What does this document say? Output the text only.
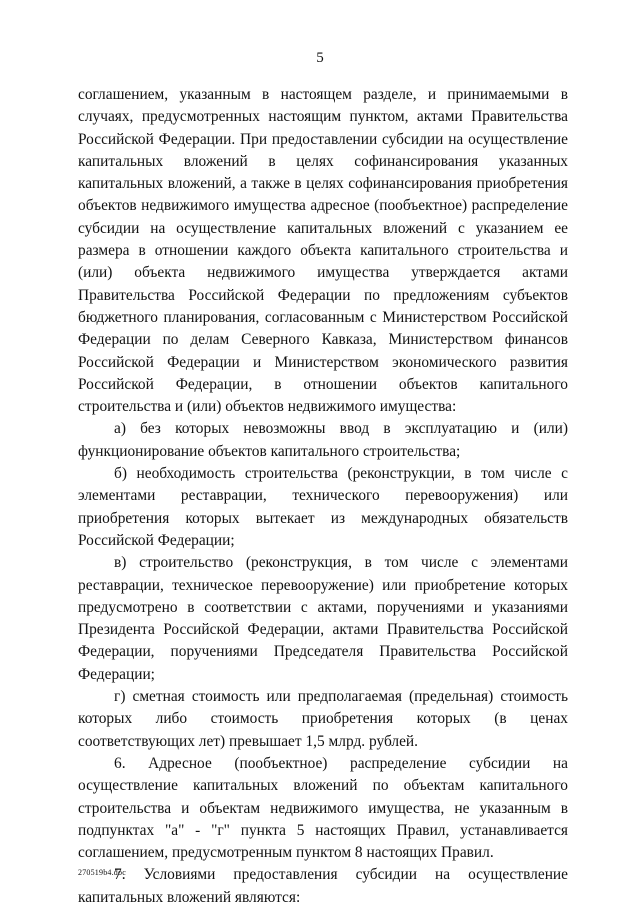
5

соглашением, указанным в настоящем разделе, и принимаемыми в случаях, предусмотренных настоящим пунктом, актами Правительства Российской Федерации. При предоставлении субсидии на осуществление капитальных вложений в целях софинансирования указанных капитальных вложений, а также в целях софинансирования приобретения объектов недвижимого имущества адресное (пообъектное) распределение субсидии на осуществление капитальных вложений с указанием ее размера в отношении каждого объекта капитального строительства и (или) объекта недвижимого имущества утверждается актами Правительства Российской Федерации по предложениям субъектов бюджетного планирования, согласованным с Министерством Российской Федерации по делам Северного Кавказа, Министерством финансов Российской Федерации и Министерством экономического развития Российской Федерации, в отношении объектов капитального строительства и (или) объектов недвижимого имущества:

а) без которых невозможны ввод в эксплуатацию и (или) функционирование объектов капитального строительства;

б) необходимость строительства (реконструкции, в том числе с элементами реставрации, технического перевооружения) или приобретения которых вытекает из международных обязательств Российской Федерации;

в) строительство (реконструкция, в том числе с элементами реставрации, техническое перевооружение) или приобретение которых предусмотрено в соответствии с актами, поручениями и указаниями Президента Российской Федерации, актами Правительства Российской Федерации, поручениями Председателя Правительства Российской Федерации;

г) сметная стоимость или предполагаемая (предельная) стоимость которых либо стоимость приобретения которых (в ценах соответствующих лет) превышает 1,5 млрд. рублей.

6. Адресное (пообъектное) распределение субсидии на осуществление капитальных вложений по объектам капитального строительства и объектам недвижимого имущества, не указанным в подпунктах "а" - "г" пункта 5 настоящих Правил, устанавливается соглашением, предусмотренным пунктом 8 настоящих Правил.

7. Условиями предоставления субсидии на осуществление капитальных вложений являются:

270519b4.doc
